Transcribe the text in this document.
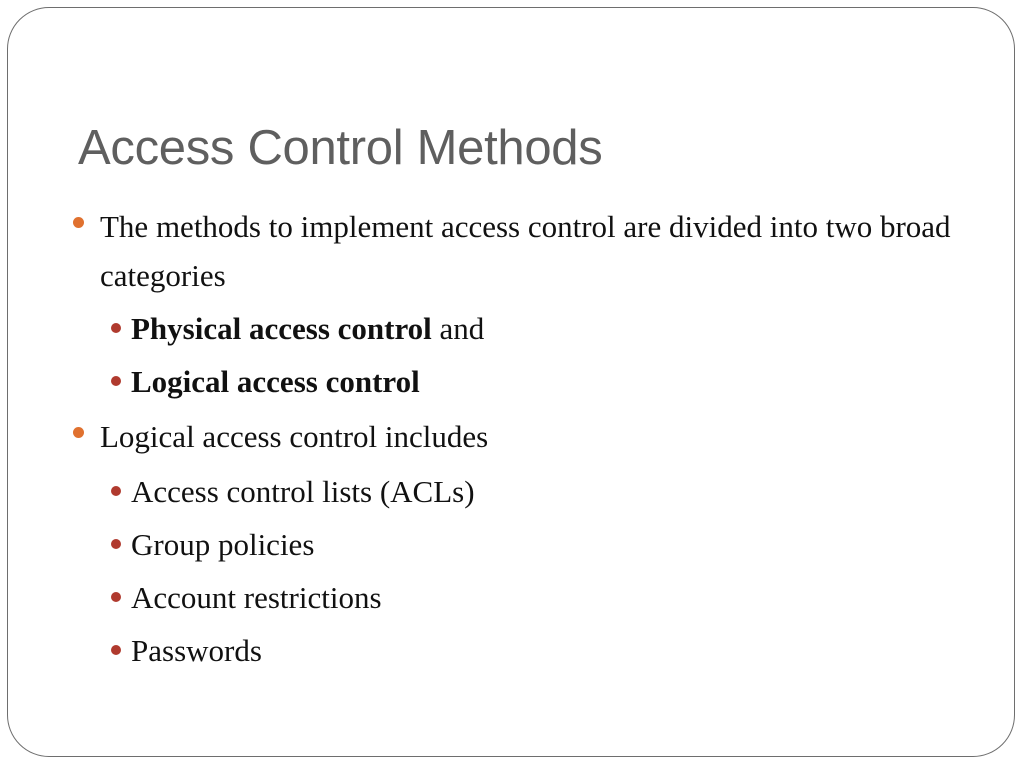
Access Control Methods
The methods to implement access control are divided into two broad categories
Physical access control and
Logical access control
Logical access control includes
Access control lists (ACLs)
Group policies
Account restrictions
Passwords
